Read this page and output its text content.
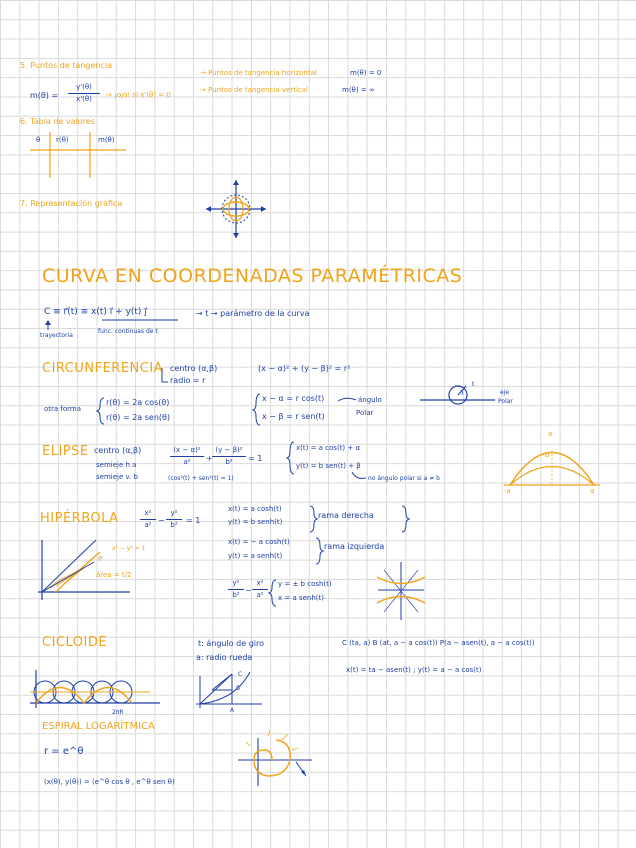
5. Puntos de tangencia
m(θ) =
y'(θ)
x'(θ)	→ ¡ojo! si x'(θ) = 0
→ Puntos de tangencia horizontal	m(θ) = 0
→ Puntos de tangencia vertical	m(θ) = ∞
6. Tabla de valores
θ r(θ)	m(θ)
7. Representación gráfica
CURVA EN COORDENADAS PARAMÉTRICAS
C ≡ r⃗(t) ≡ x(t) i⃗ + y(t) j⃗	→ t → parámetro de la curva
trayectoria
func. continuas de t
CIRCUNFERENCIA centro (α,β)
radio = r
(x − α)² + (y − β)² = r²
otra forma
r(θ) = 2a cos(θ)
r(θ) = 2a sen(θ)
x − α = r cos(t)
x − β = r sen(t)
ángulo
Polar
eje
Polar
t
ELIPSE centro (α,β)
semieje h a
semieje v. b
(x − α)²
a²	+
(y − β)²
b²	= 1
(cos²(t) + sen²(t) = 1)
x(t) = a cos(t) + α
y(t) = b sen(t) + β
no ángulo polar si a ≠ b
a
b
-a	a
HIPÉRBOLA	x²
a² −
y²
b²	= 1
x(t) = a cosh(t)
y(t) = b senh(t)
rama derecha
x(t) = − a cosh(t)
y(t) = a senh(t)
rama izquierda
y²
b² −
x²
a²
y = ± b cosh(t)
x = a senh(t)
x² − y² = 1
P
área = t/2
CICLOIDE	t: ángulo de giro
a: radio rueda
C (ta, a) B (at, a − a cos(t)) P(a − asen(t), a − a cos(t))
x(t) = ta − asen(t) ; y(t) = a − a cos(t)
2πR
C
B
A
ESPIRAL LOGARÍTMICA
r = e^θ
(x(θ), y(θ)) = (e^θ cos θ , e^θ sen θ)
